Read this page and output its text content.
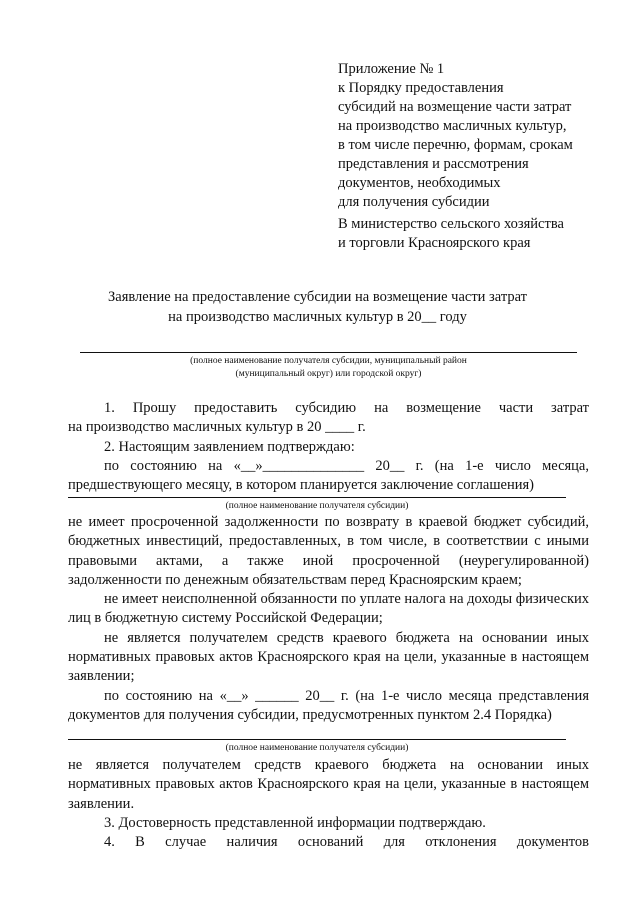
Приложение № 1
к Порядку предоставления
субсидий на возмещение части затрат
на производство масличных культур,
в том числе перечню, формам, срокам
представления и рассмотрения
документов, необходимых
для получения субсидии
В министерство сельского хозяйства
и торговли Красноярского края
Заявление на предоставление субсидии на возмещение части затрат
на производство масличных культур в 20__ году
(полное наименование получателя субсидии, муниципальный район
(муниципальный округ) или городской округ)

1. Прошу предоставить субсидию на возмещение части затрат

на производство масличных культур в 20 ____ г.

2. Настоящим заявлением подтверждаю:

по состоянию на «__»______________ 20__ г. (на 1-е число месяца,

предшествующего месяцу, в котором планируется заключение соглашения)

(полное наименование получателя субсидии)

не имеет просроченной задолженности по возврату в краевой бюджет субсидий, бюджетных инвестиций, предоставленных, в том числе, в соответствии с иными правовыми актами, а также иной просроченной (неурегулированной) задолженности по денежным обязательствам перед Красноярским краем;

не имеет неисполненной обязанности по уплате налога на доходы физических лиц в бюджетную систему Российской Федерации;

не является получателем средств краевого бюджета на основании иных нормативных правовых актов Красноярского края на цели, указанные в настоящем заявлении;

по состоянию на «__» ______ 20__ г. (на 1-е число месяца представления документов для получения субсидии, предусмотренных пунктом 2.4 Порядка)

(полное наименование получателя субсидии)

не является получателем средств краевого бюджета на основании иных нормативных правовых актов Красноярского края на цели, указанные в настоящем заявлении.

3. Достоверность представленной информации подтверждаю.

4. В случае наличия оснований для отклонения документов
